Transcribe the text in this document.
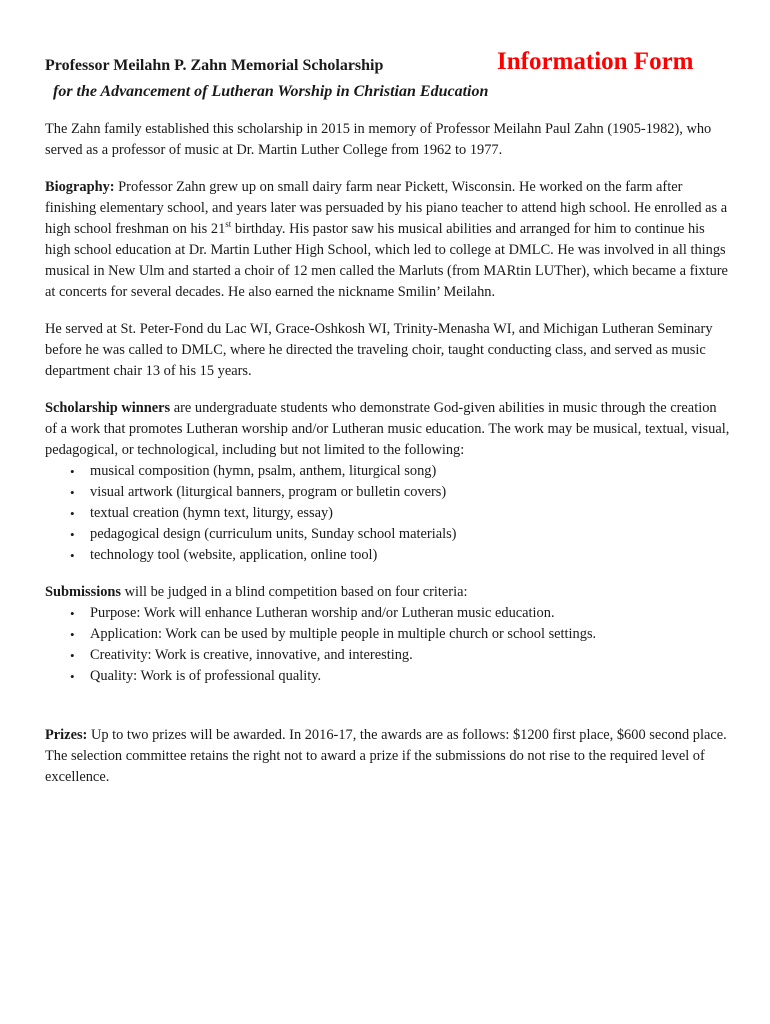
Professor Meilahn P. Zahn Memorial Scholarship	Information Form

for the Advancement of Lutheran Worship in Christian Education

The Zahn family established this scholarship in 2015 in memory of Professor Meilahn Paul Zahn (1905-1982), who served as a professor of music at Dr. Martin Luther College from 1962 to 1977.

Biography: Professor Zahn grew up on small dairy farm near Pickett, Wisconsin. He worked on the farm after finishing elementary school, and years later was persuaded by his piano teacher to attend high school. He enrolled as a high school freshman on his 21st birthday. His pastor saw his musical abilities and arranged for him to continue his high school education at Dr. Martin Luther High School, which led to college at DMLC. He was involved in all things musical in New Ulm and started a choir of 12 men called the Marluts (from MARtin LUTher), which became a fixture at concerts for several decades. He also earned the nickname Smilin’ Meilahn.

He served at St. Peter-Fond du Lac WI, Grace-Oshkosh WI, Trinity-Menasha WI, and Michigan Lutheran Seminary before he was called to DMLC, where he directed the traveling choir, taught conducting class, and served as music department chair 13 of his 15 years.

Scholarship winners are undergraduate students who demonstrate God-given abilities in music through the creation of a work that promotes Lutheran worship and/or Lutheran music education. The work may be musical, textual, visual, pedagogical, or technological, including but not limited to the following:

• musical composition (hymn, psalm, anthem, liturgical song)
• visual artwork (liturgical banners, program or bulletin covers)
• textual creation (hymn text, liturgy, essay)
• pedagogical design (curriculum units, Sunday school materials)
• technology tool (website, application, online tool)

Submissions will be judged in a blind competition based on four criteria:

• Purpose: Work will enhance Lutheran worship and/or Lutheran music education.
• Application: Work can be used by multiple people in multiple church or school settings.
• Creativity: Work is creative, innovative, and interesting.
• Quality: Work is of professional quality.

Prizes: Up to two prizes will be awarded. In 2016-17, the awards are as follows: $1200 first place, $600 second place. The selection committee retains the right not to award a prize if the submissions do not rise to the required level of excellence.
